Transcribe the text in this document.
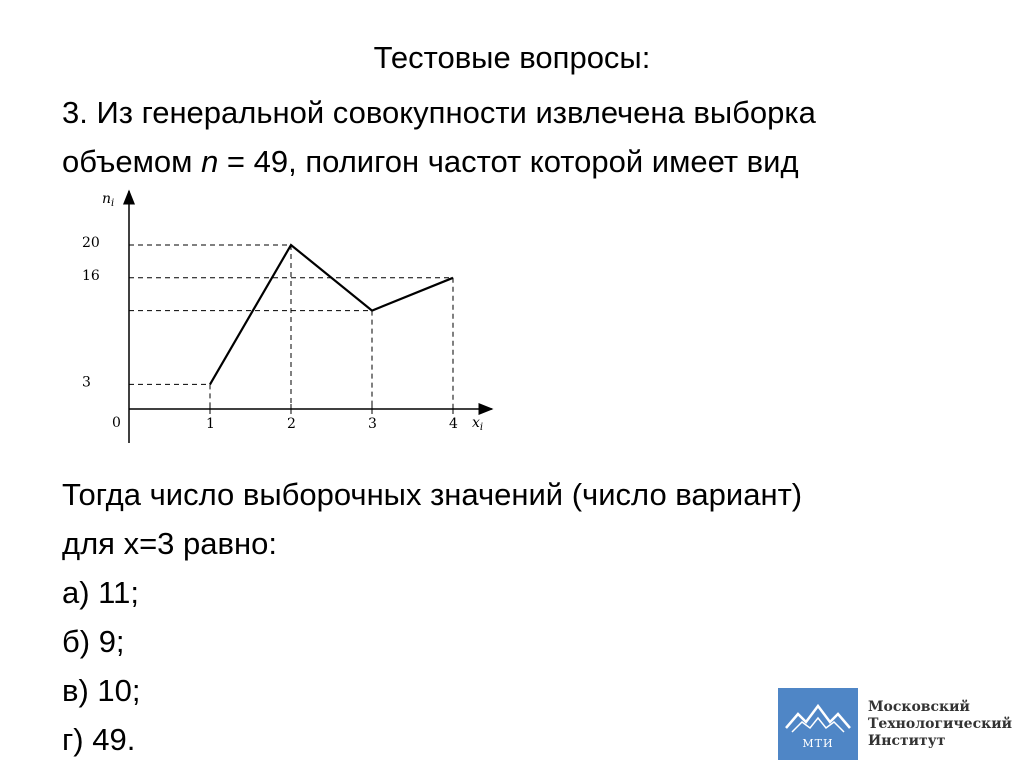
Тестовые вопросы:
3. Из генеральной совокупности извлечена выборка
объемом n = 49, полигон частот которой имеет вид
1	2	3	4
3
16
20
0
$n_i$
$x_i$
Тогда число выборочных значений (число вариант)
для x=3 равно:
а) 11;
б) 9;
в) 10;
г) 49.	МТИ
Московский
Технологический
Институт
